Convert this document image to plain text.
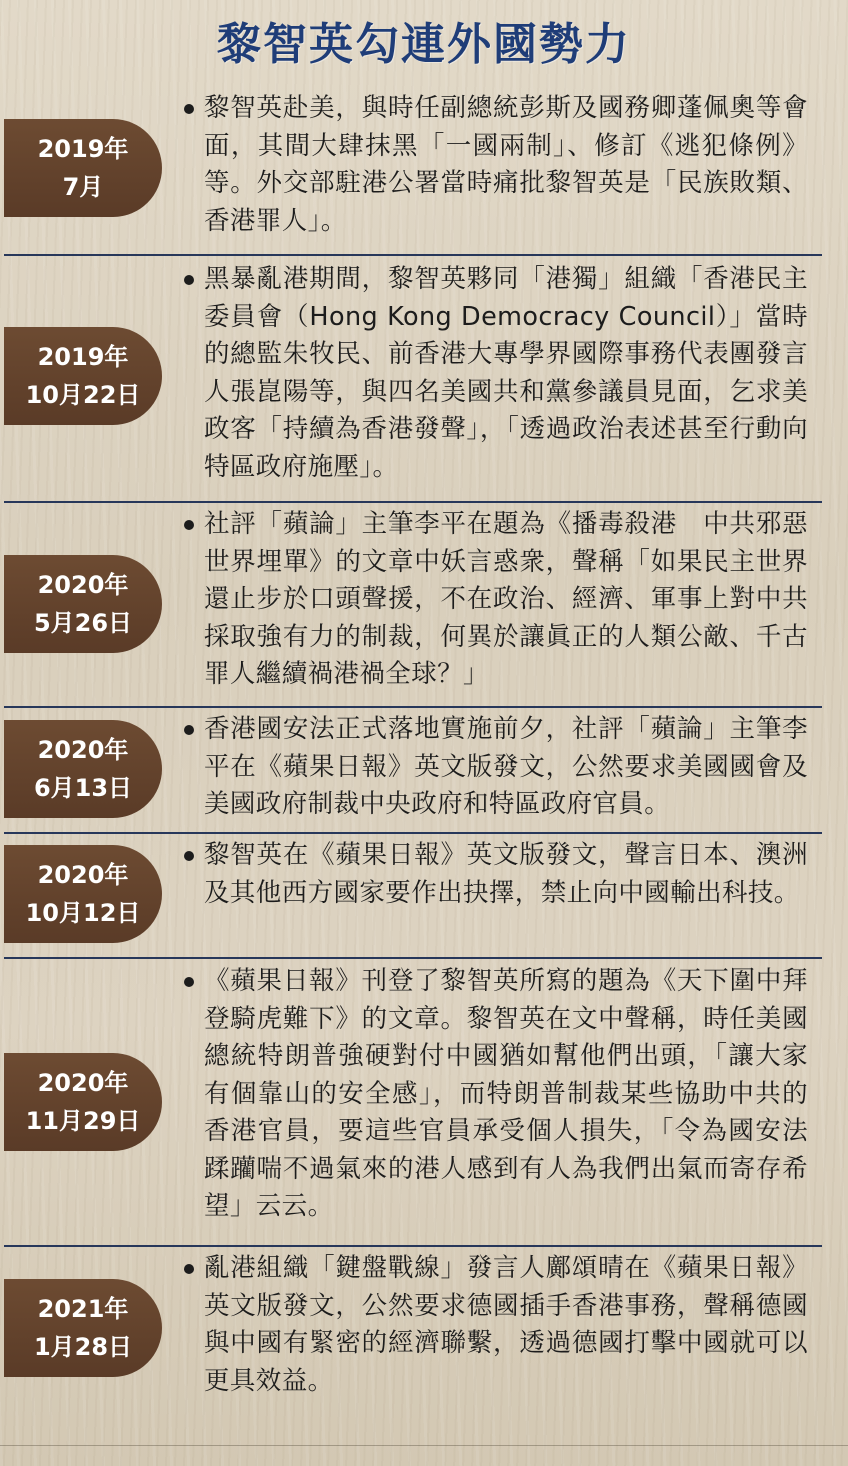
黎智英勾連外國勢力
2019年
7月
黎智英赴美，與時任副總統彭斯及國務卿蓬佩奧等會面，其間大肆抹黑「一國兩制」、修訂《逃犯條例》等。外交部駐港公署當時痛批黎智英是「民族敗類、香港罪人」。
2019年
10月22日
黑暴亂港期間，黎智英夥同「港獨」組織「香港民主委員會（Hong Kong Democracy Council）」當時的總監朱牧民、前香港大專學界國際事務代表團發言人張崑陽等，與四名美國共和黨參議員見面，乞求美政客「持續為香港發聲」，「透過政治表述甚至行動向特區政府施壓」。
2020年
5月26日
社評「蘋論」主筆李平在題為《播毒殺港　中共邪惡　世界埋單》的文章中妖言惑衆，聲稱「如果民主世界還止步於口頭聲援，不在政治、經濟、軍事上對中共採取強有力的制裁，何異於讓眞正的人類公敵、千古罪人繼續禍港禍全球？」
2020年
6月13日
香港國安法正式落地實施前夕，社評「蘋論」主筆李平在《蘋果日報》英文版發文，公然要求美國國會及美國政府制裁中央政府和特區政府官員。
2020年
10月12日
黎智英在《蘋果日報》英文版發文，聲言日本、澳洲及其他西方國家要作出抉擇，禁止向中國輸出科技。
2020年
11月29日
《蘋果日報》刊登了黎智英所寫的題為《天下圍中拜登騎虎難下》的文章。黎智英在文中聲稱，時任美國總統特朗普強硬對付中國猶如幫他們出頭，「讓大家有個靠山的安全感」，而特朗普制裁某些協助中共的香港官員，要這些官員承受個人損失，「令為國安法蹂躪喘不過氣來的港人感到有人為我們出氣而寄存希望」云云。
2021年
1月28日
亂港組織「鍵盤戰線」發言人鄺頌晴在《蘋果日報》英文版發文，公然要求德國插手香港事務，聲稱德國與中國有緊密的經濟聯繫，透過德國打擊中國就可以更具效益。
